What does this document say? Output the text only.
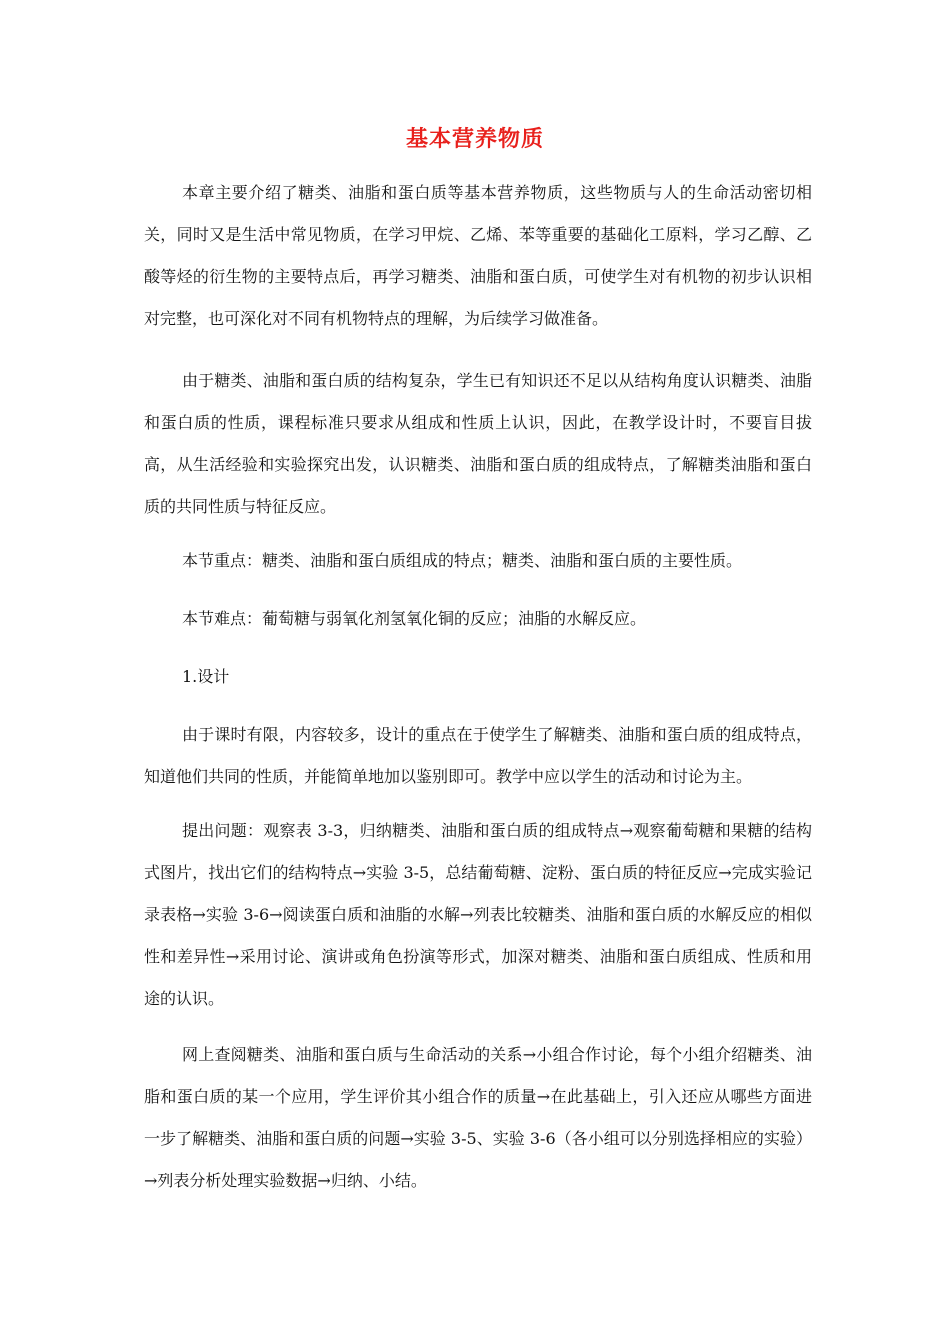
基本营养物质

本章主要介绍了糖类、油脂和蛋白质等基本营养物质，这些物质与人的生命活动密切相关，同时又是生活中常见物质，在学习甲烷、乙烯、苯等重要的基础化工原料，学习乙醇、乙酸等烃的衍生物的主要特点后，再学习糖类、油脂和蛋白质，可使学生对有机物的初步认识相对完整，也可深化对不同有机物特点的理解，为后续学习做准备。

由于糖类、油脂和蛋白质的结构复杂，学生已有知识还不足以从结构角度认识糖类、油脂和蛋白质的性质，课程标准只要求从组成和性质上认识，因此，在教学设计时，不要盲目拔高，从生活经验和实验探究出发，认识糖类、油脂和蛋白质的组成特点，了解糖类油脂和蛋白质的共同性质与特征反应。

本节重点：糖类、油脂和蛋白质组成的特点；糖类、油脂和蛋白质的主要性质。

本节难点：葡萄糖与弱氧化剂氢氧化铜的反应；油脂的水解反应。

1.设计

由于课时有限，内容较多，设计的重点在于使学生了解糖类、油脂和蛋白质的组成特点，知道他们共同的性质，并能简单地加以鉴别即可。教学中应以学生的活动和讨论为主。

提出问题：观察表 3-3，归纳糖类、油脂和蛋白质的组成特点→观察葡萄糖和果糖的结构式图片，找出它们的结构特点→实验 3-5，总结葡萄糖、淀粉、蛋白质的特征反应→完成实验记录表格→实验 3-6→阅读蛋白质和油脂的水解→列表比较糖类、油脂和蛋白质的水解反应的相似性和差异性→采用讨论、演讲或角色扮演等形式，加深对糖类、油脂和蛋白质组成、性质和用途的认识。

网上查阅糖类、油脂和蛋白质与生命活动的关系→小组合作讨论，每个小组介绍糖类、油脂和蛋白质的某一个应用，学生评价其小组合作的质量→在此基础上，引入还应从哪些方面进一步了解糖类、油脂和蛋白质的问题→实验 3-5、实验 3-6（各小组可以分别选择相应的实验）→列表分析处理实验数据→归纳、小结。
